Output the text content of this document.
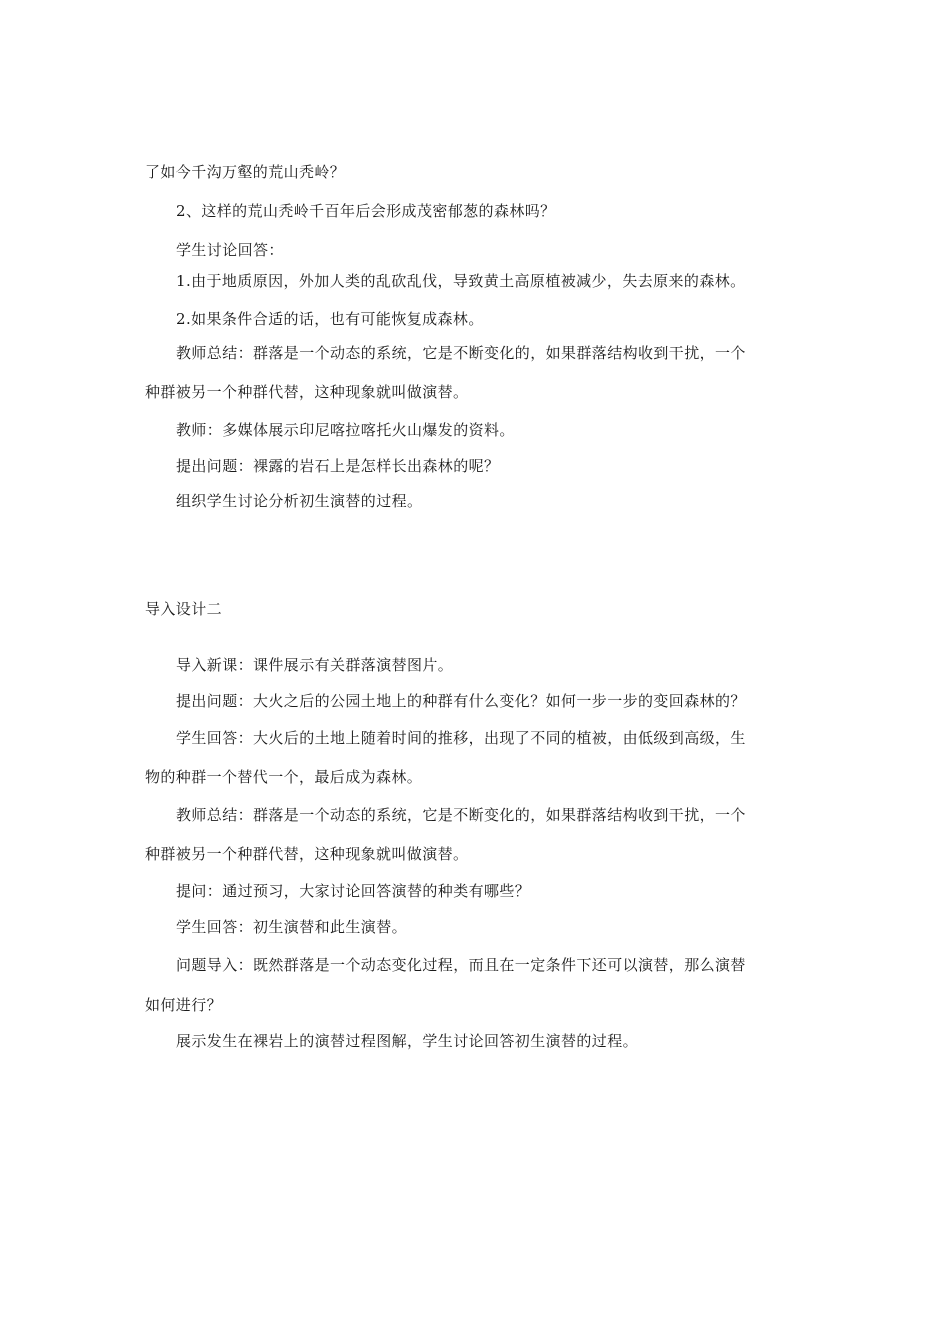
了如今千沟万壑的荒山秃岭？
2、这样的荒山秃岭千百年后会形成茂密郁葱的森林吗？
学生讨论回答：
1.由于地质原因，外加人类的乱砍乱伐，导致黄土高原植被减少，失去原来的森林。
2.如果条件合适的话，也有可能恢复成森林。
教师总结：群落是一个动态的系统，它是不断变化的，如果群落结构收到干扰，一个
种群被另一个种群代替，这种现象就叫做演替。
教师：多媒体展示印尼喀拉喀托火山爆发的资料。
提出问题：裸露的岩石上是怎样长出森林的呢？
组织学生讨论分析初生演替的过程。
导入设计二
导入新课：课件展示有关群落演替图片。
提出问题：大火之后的公园土地上的种群有什么变化？如何一步一步的变回森林的？
学生回答：大火后的土地上随着时间的推移，出现了不同的植被，由低级到高级，生
物的种群一个替代一个，最后成为森林。
教师总结：群落是一个动态的系统，它是不断变化的，如果群落结构收到干扰，一个
种群被另一个种群代替，这种现象就叫做演替。
提问：通过预习，大家讨论回答演替的种类有哪些？
学生回答：初生演替和此生演替。
问题导入：既然群落是一个动态变化过程，而且在一定条件下还可以演替，那么演替
如何进行？
展示发生在裸岩上的演替过程图解，学生讨论回答初生演替的过程。
